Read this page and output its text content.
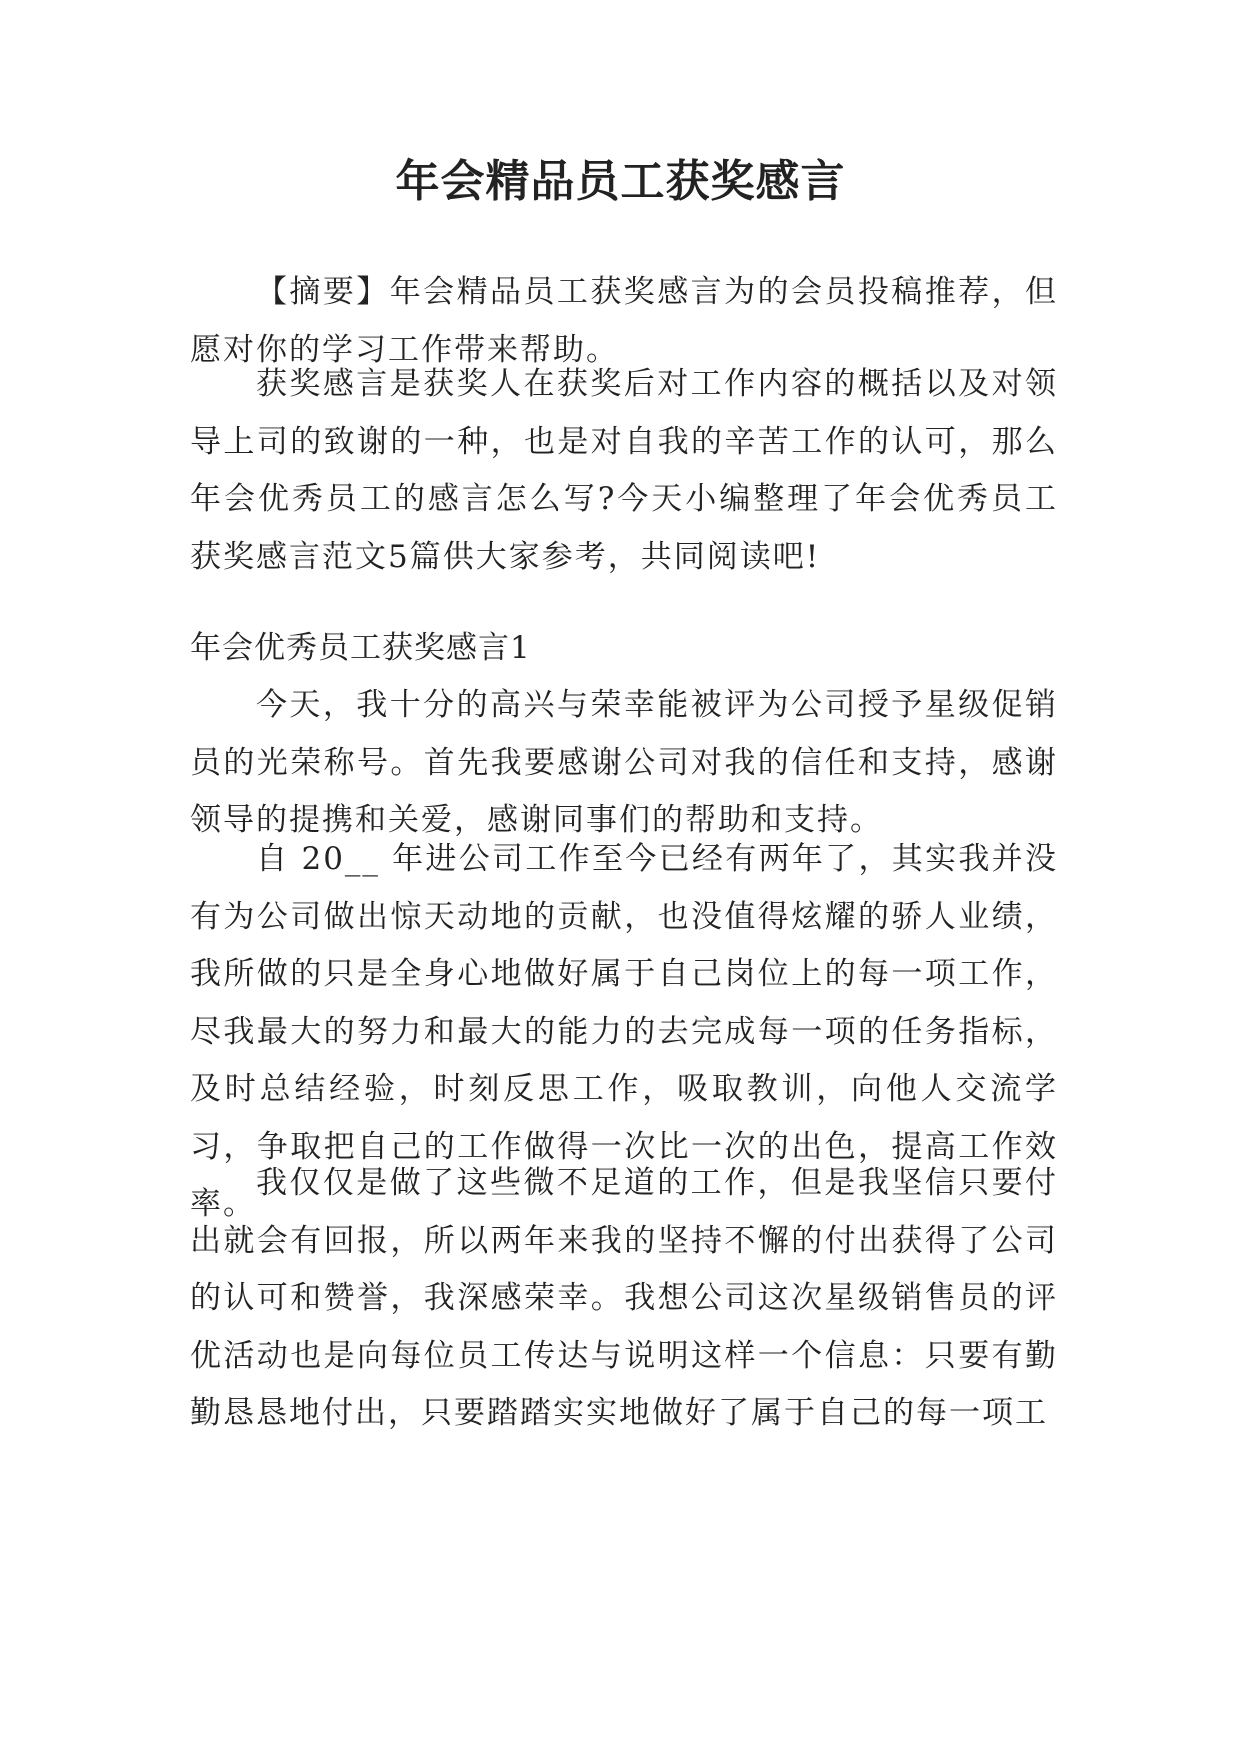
年会精品员工获奖感言

【摘要】年会精品员工获奖感言为的会员投稿推荐，但愿对你的学习工作带来帮助。

获奖感言是获奖人在获奖后对工作内容的概括以及对领导上司的致谢的一种，也是对自我的辛苦工作的认可，那么年会优秀员工的感言怎么写?今天小编整理了年会优秀员工获奖感言范文5篇供大家参考，共同阅读吧!

年会优秀员工获奖感言1

今天，我十分的高兴与荣幸能被评为公司授予星级促销员的光荣称号。首先我要感谢公司对我的信任和支持，感谢领导的提携和关爱，感谢同事们的帮助和支持。

自 20__ 年进公司工作至今已经有两年了，其实我并没有为公司做出惊天动地的贡献，也没值得炫耀的骄人业绩，我所做的只是全身心地做好属于自己岗位上的每一项工作，尽我最大的努力和最大的能力的去完成每一项的任务指标，及时总结经验，时刻反思工作，吸取教训，向他人交流学习，争取把自己的工作做得一次比一次的出色，提高工作效率。

我仅仅是做了这些微不足道的工作，但是我坚信只要付出就会有回报，所以两年来我的坚持不懈的付出获得了公司的认可和赞誉，我深感荣幸。我想公司这次星级销售员的评优活动也是向每位员工传达与说明这样一个信息：只要有勤勤恳恳地付出，只要踏踏实实地做好了属于自己的每一项工
